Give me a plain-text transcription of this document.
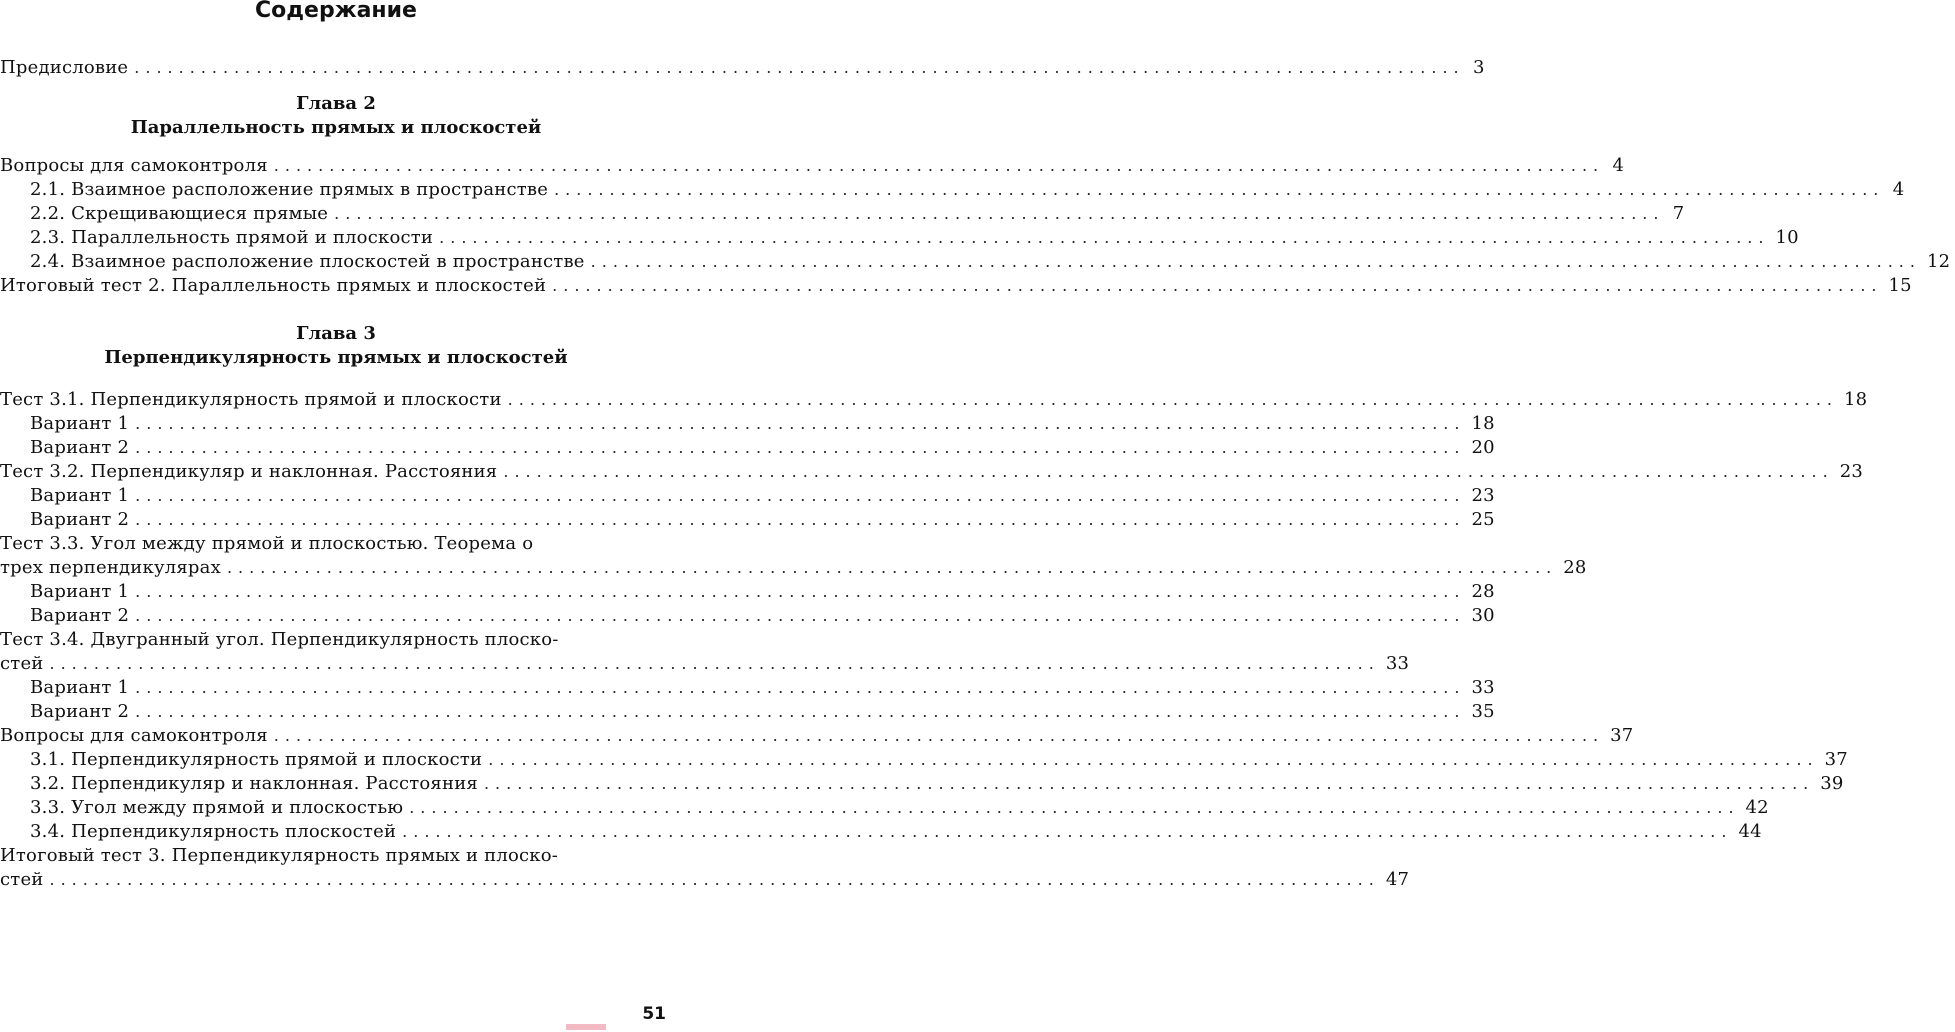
Содержание
Предисловие ........................................................................................................................ 3
Глава 2
Параллельность прямых и плоскостей
Вопросы для самоконтроля ........................................................................................................................ 4
2.1. Взаимное расположение прямых в пространстве ........................................................................................................................ 4
2.2. Скрещивающиеся прямые ........................................................................................................................ 7
2.3. Параллельность прямой и плоскости ........................................................................................................................ 10
2.4. Взаимное расположение плоскостей в пространстве ........................................................................................................................ 12
Итоговый тест 2. Параллельность прямых и плоскостей ........................................................................................................................ 15
Глава 3
Перпендикулярность прямых и плоскостей
Тест 3.1. Перпендикулярность прямой и плоскости ........................................................................................................................ 18
Вариант 1 ........................................................................................................................ 18
Вариант 2 ........................................................................................................................ 20
Тест 3.2. Перпендикуляр и наклонная. Расстояния ........................................................................................................................ 23
Вариант 1 ........................................................................................................................ 23
Вариант 2 ........................................................................................................................ 25
Тест 3.3. Угол между прямой и плоскостью. Теорема о
трех перпендикулярах ........................................................................................................................ 28
Вариант 1 ........................................................................................................................ 28
Вариант 2 ........................................................................................................................ 30
Тест 3.4. Двугранный угол. Перпендикулярность плоско-
стей ........................................................................................................................ 33
Вариант 1 ........................................................................................................................ 33
Вариант 2 ........................................................................................................................ 35
Вопросы для самоконтроля ........................................................................................................................ 37
3.1. Перпендикулярность прямой и плоскости ........................................................................................................................ 37
3.2. Перпендикуляр и наклонная. Расстояния ........................................................................................................................ 39
3.3. Угол между прямой и плоскостью ........................................................................................................................ 42
3.4. Перпендикулярность плоскостей ........................................................................................................................ 44
Итоговый тест 3. Перпендикулярность прямых и плоско-
стей ........................................................................................................................ 47
51
